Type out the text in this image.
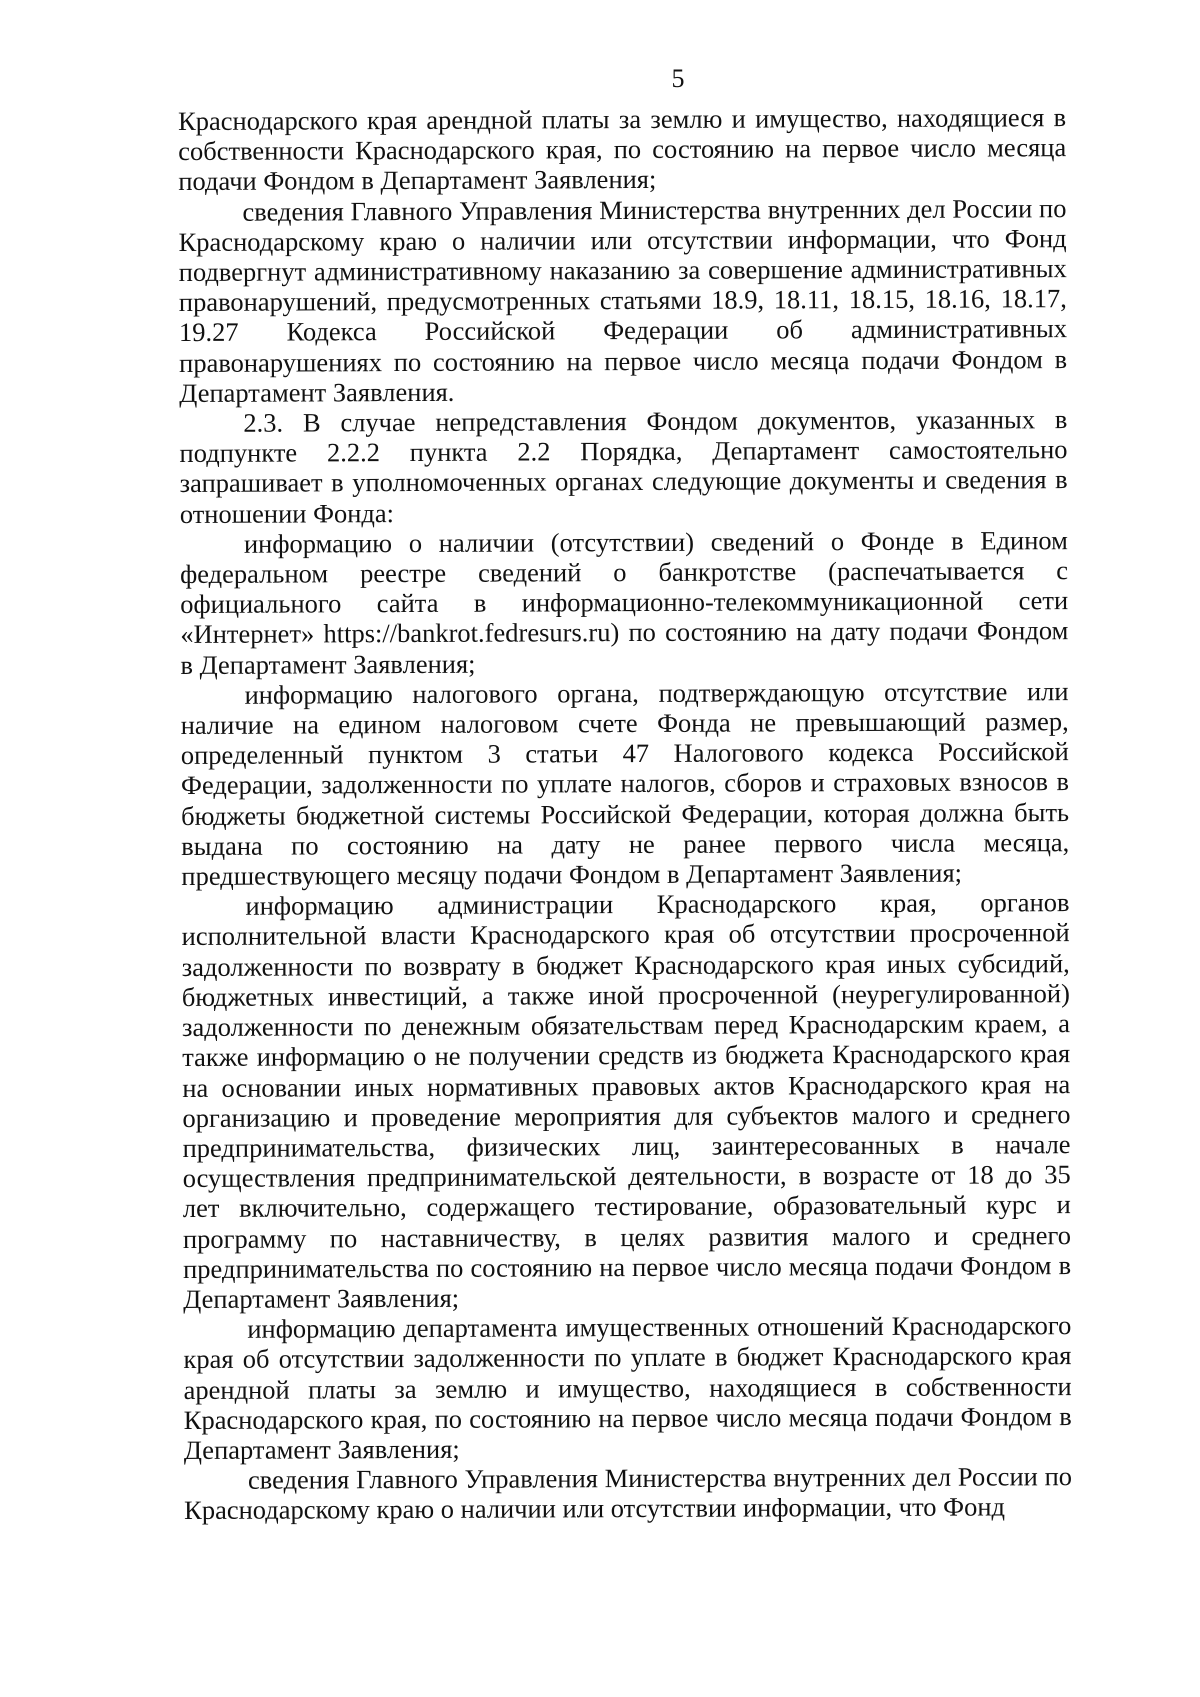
5

Краснодарского края арендной платы за землю и имущество, находящиеся в собственности Краснодарского края, по состоянию на первое число месяца подачи Фондом в Департамент Заявления;

сведения Главного Управления Министерства внутренних дел России по Краснодарскому краю о наличии или отсутствии информации, что Фонд подвергнут административному наказанию за совершение административных правонарушений, предусмотренных статьями 18.9, 18.11, 18.15, 18.16, 18.17, 19.27 Кодекса Российской Федерации об административных правонарушениях по состоянию на первое число месяца подачи Фондом в Департамент Заявления.

2.3. В случае непредставления Фондом документов, указанных в подпункте 2.2.2 пункта 2.2 Порядка, Департамент самостоятельно запрашивает в уполномоченных органах следующие документы и сведения в отношении Фонда:

информацию о наличии (отсутствии) сведений о Фонде в Едином федеральном реестре сведений о банкротстве (распечатывается с официального сайта в информационно-телекоммуникационной сети «Интернет» https://bankrot.fedresurs.ru) по состоянию на дату подачи Фондом в Департамент Заявления;

информацию налогового органа, подтверждающую отсутствие или наличие на едином налоговом счете Фонда не превышающий размер, определенный пунктом 3 статьи 47 Налогового кодекса Российской Федерации, задолженности по уплате налогов, сборов и страховых взносов в бюджеты бюджетной системы Российской Федерации, которая должна быть выдана по состоянию на дату не ранее первого числа месяца, предшествующего месяцу подачи Фондом в Департамент Заявления;

информацию администрации Краснодарского края, органов исполнительной власти Краснодарского края об отсутствии просроченной задолженности по возврату в бюджет Краснодарского края иных субсидий, бюджетных инвестиций, а также иной просроченной (неурегулированной) задолженности по денежным обязательствам перед Краснодарским краем, а также информацию о не получении средств из бюджета Краснодарского края на основании иных нормативных правовых актов Краснодарского края на организацию и проведение мероприятия для субъектов малого и среднего предпринимательства, физических лиц, заинтересованных в начале осуществления предпринимательской деятельности, в возрасте от 18 до 35 лет включительно, содержащего тестирование, образовательный курс и программу по наставничеству, в целях развития малого и среднего предпринимательства по состоянию на первое число месяца подачи Фондом в Департамент Заявления;

информацию департамента имущественных отношений Краснодарского края об отсутствии задолженности по уплате в бюджет Краснодарского края арендной платы за землю и имущество, находящиеся в собственности Краснодарского края, по состоянию на первое число месяца подачи Фондом в Департамент Заявления;

сведения Главного Управления Министерства внутренних дел России по Краснодарскому краю о наличии или отсутствии информации, что Фонд
